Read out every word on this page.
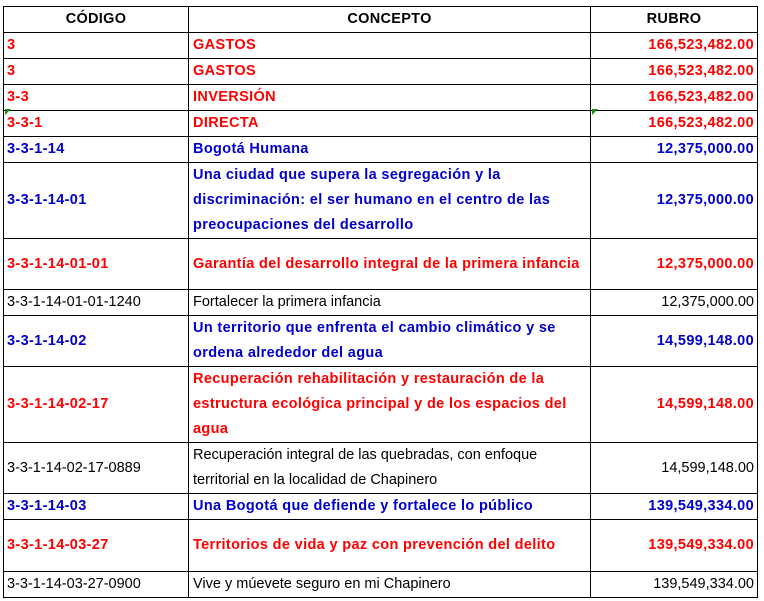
CÓDIGO	CONCEPTO	RUBRO
3	GASTOS	166,523,482.00
3	GASTOS	166,523,482.00
3-3	INVERSIÓN	166,523,482.00
3-3-1	DIRECTA	166,523,482.00
3-3-1-14	Bogotá Humana	12,375,000.00
3-3-1-14-01	Una ciudad que supera la segregación y la discriminación: el ser humano en el centro de las preocupaciones del desarrollo	12,375,000.00
3-3-1-14-01-01	Garantía del desarrollo integral de la primera infancia	12,375,000.00
3-3-1-14-01-01-1240	Fortalecer la primera infancia	12,375,000.00
3-3-1-14-02	Un territorio que enfrenta el cambio climático y se ordena alrededor del agua	14,599,148.00
3-3-1-14-02-17	Recuperación rehabilitación y restauración de la estructura ecológica principal y de los espacios del agua	14,599,148.00
3-3-1-14-02-17-0889	Recuperación integral de las quebradas, con enfoque territorial en la localidad de Chapinero	14,599,148.00
3-3-1-14-03	Una Bogotá que defiende y fortalece lo público	139,549,334.00
3-3-1-14-03-27	Territorios de vida y paz con prevención del delito	139,549,334.00
3-3-1-14-03-27-0900	Vive y múevete seguro en mi Chapinero	139,549,334.00
